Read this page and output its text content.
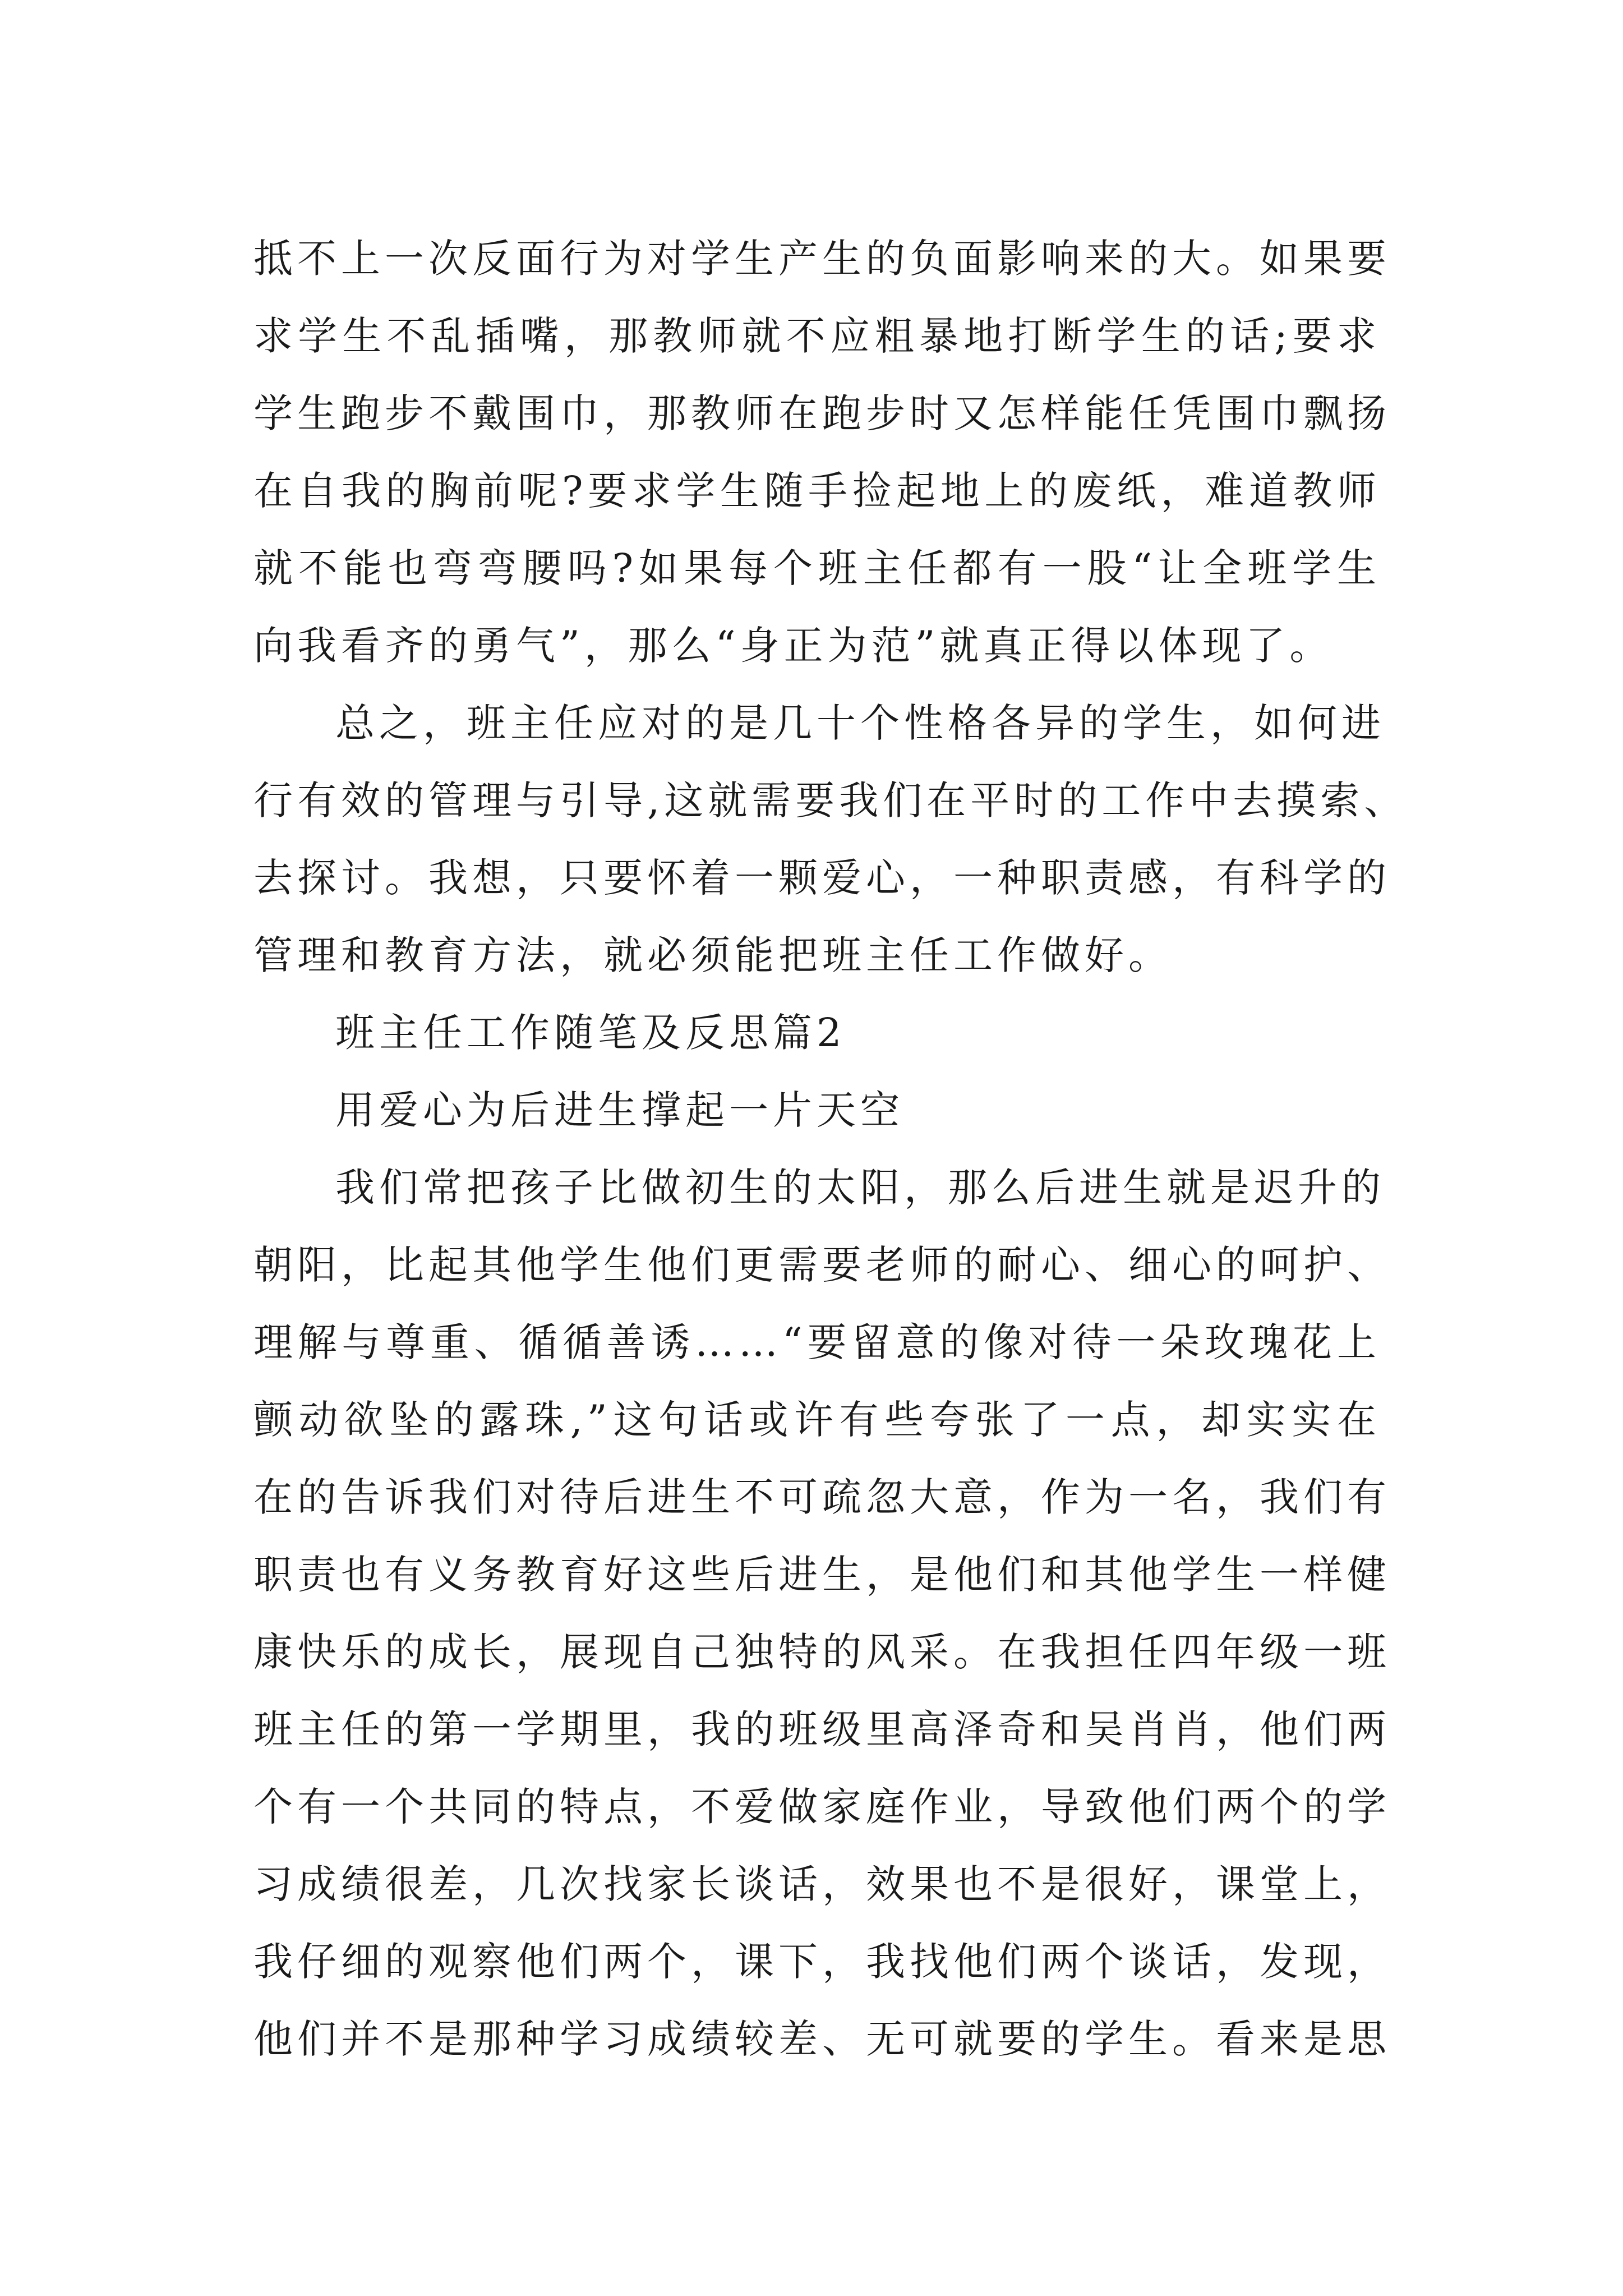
抵不上一次反面行为对学生产生的负面影响来的大。如果要
求学生不乱插嘴，那教师就不应粗暴地打断学生的话;要求
学生跑步不戴围巾，那教师在跑步时又怎样能任凭围巾飘扬
在自我的胸前呢?要求学生随手捡起地上的废纸，难道教师
就不能也弯弯腰吗?如果每个班主任都有一股“让全班学生
向我看齐的勇气”，那么“身正为范”就真正得以体现了。
总之，班主任应对的是几十个性格各异的学生，如何进
行有效的管理与引导,这就需要我们在平时的工作中去摸索、
去探讨。我想，只要怀着一颗爱心，一种职责感，有科学的
管理和教育方法，就必须能把班主任工作做好。
班主任工作随笔及反思篇2
用爱心为后进生撑起一片天空
我们常把孩子比做初生的太阳，那么后进生就是迟升的
朝阳，比起其他学生他们更需要老师的耐心、细心的呵护、
理解与尊重、循循善诱……“要留意的像对待一朵玫瑰花上
颤动欲坠的露珠,”这句话或许有些夸张了一点，却实实在
在的告诉我们对待后进生不可疏忽大意，作为一名，我们有
职责也有义务教育好这些后进生，是他们和其他学生一样健
康快乐的成长，展现自己独特的风采。在我担任四年级一班
班主任的第一学期里，我的班级里高泽奇和吴肖肖，他们两
个有一个共同的特点，不爱做家庭作业，导致他们两个的学
习成绩很差，几次找家长谈话，效果也不是很好，课堂上，
我仔细的观察他们两个，课下，我找他们两个谈话，发现，
他们并不是那种学习成绩较差、无可就要的学生。看来是思
